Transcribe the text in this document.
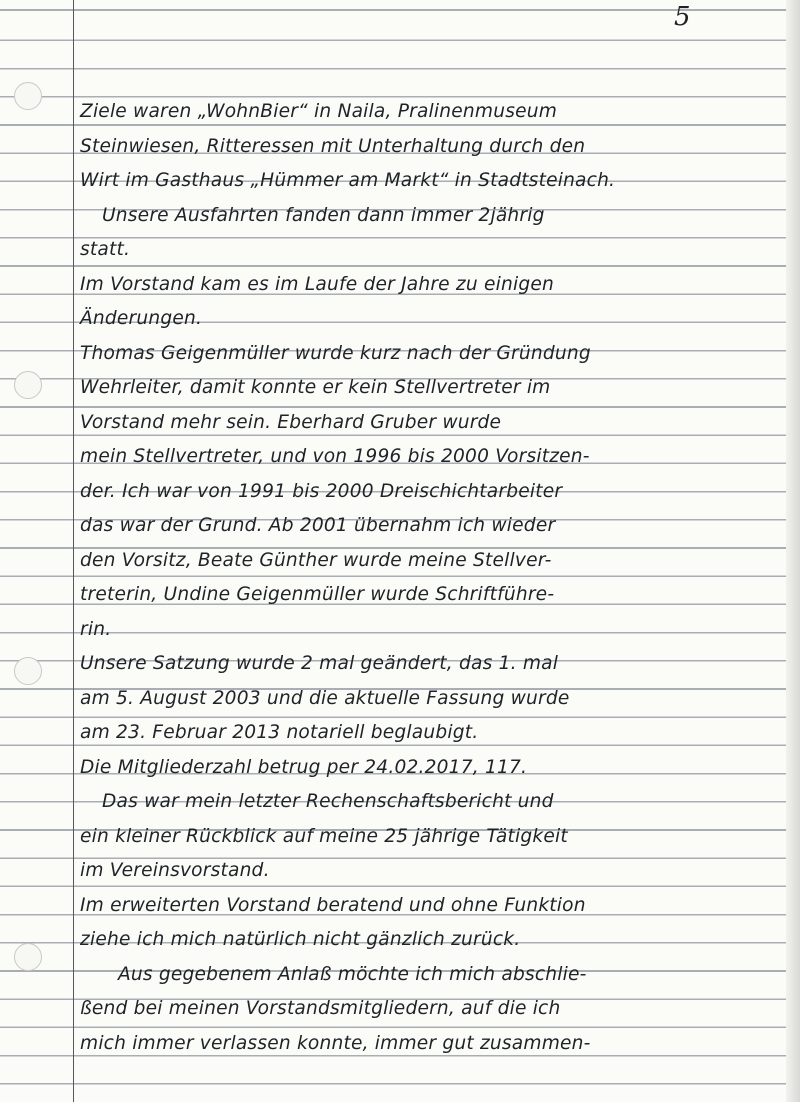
5
Ziele waren „WohnBier“ in Naila, Pralinenmuseum
Steinwiesen, Ritteressen mit Unterhaltung durch den
Wirt im Gasthaus „Hümmer am Markt“ in Stadtsteinach.
Unsere Ausfahrten fanden dann immer 2jährig
statt.
Im Vorstand kam es im Laufe der Jahre zu einigen
Änderungen.
Thomas Geigenmüller wurde kurz nach der Gründung
Wehrleiter, damit konnte er kein Stellvertreter im
Vorstand mehr sein. Eberhard Gruber wurde
mein Stellvertreter, und von 1996 bis 2000 Vorsitzen-
der. Ich war von 1991 bis 2000 Dreischichtarbeiter
das war der Grund. Ab 2001 übernahm ich wieder
den Vorsitz, Beate Günther wurde meine Stellver-
treterin, Undine Geigenmüller wurde Schriftführe-
rin.
Unsere Satzung wurde 2 mal geändert, das 1. mal
am 5. August 2003 und die aktuelle Fassung wurde
am 23. Februar 2013 notariell beglaubigt.
Die Mitgliederzahl betrug per 24.02.2017, 117.
Das war mein letzter Rechenschaftsbericht und
ein kleiner Rückblick auf meine 25 jährige Tätigkeit
im Vereinsvorstand.
Im erweiterten Vorstand beratend und ohne Funktion
ziehe ich mich natürlich nicht gänzlich zurück.
Aus gegebenem Anlaß möchte ich mich abschlie-
ßend bei meinen Vorstandsmitgliedern, auf die ich
mich immer verlassen konnte, immer gut zusammen-
